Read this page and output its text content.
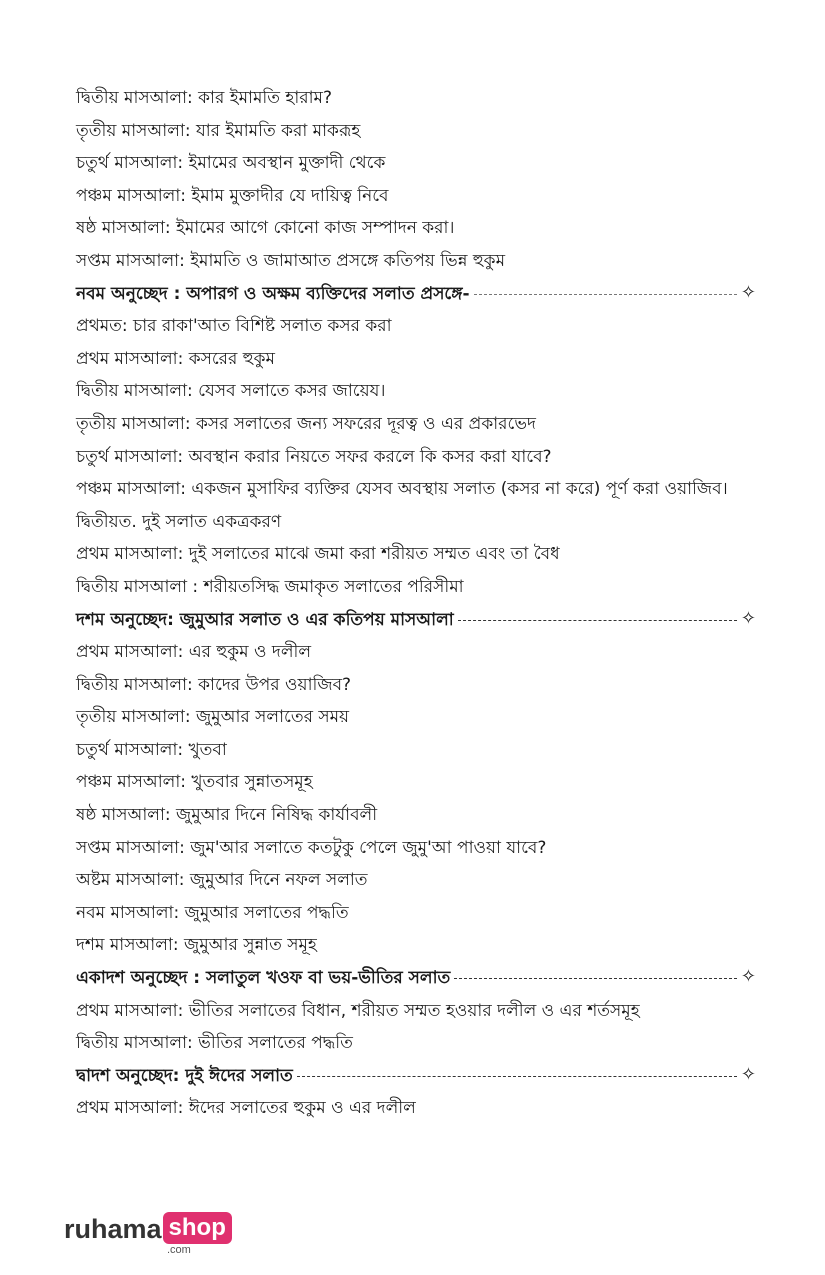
দ্বিতীয় মাসআলা: কার ইমামতি হারাম?
তৃতীয় মাসআলা: যার ইমামতি করা মাকরূহ
চতুর্থ মাসআলা: ইমামের অবস্থান মুক্তাদী থেকে
পঞ্চম মাসআলা: ইমাম মুক্তাদীর যে দায়িত্ব নিবে
ষষ্ঠ মাসআলা: ইমামের আগে কোনো কাজ সম্পাদন করা।
সপ্তম মাসআলা: ইমামতি ও জামাআত প্রসঙ্গে কতিপয় ভিন্ন হুকুম
নবম অনুচ্ছেদ : অপারগ ও অক্ষম ব্যক্তিদের সলাত প্রসঙ্গে-	✧
প্রথমত: চার রাকা'আত বিশিষ্ট সলাত কসর করা
প্রথম মাসআলা: কসরের হুকুম
দ্বিতীয় মাসআলা: যেসব সলাতে কসর জায়েয।
তৃতীয় মাসআলা: কসর সলাতের জন্য সফরের দূরত্ব ও এর প্রকারভেদ
চতুর্থ মাসআলা: অবস্থান করার নিয়তে সফর করলে কি কসর করা যাবে?
পঞ্চম মাসআলা: একজন মুসাফির ব্যক্তির যেসব অবস্থায় সলাত (কসর না করে) পূর্ণ করা ওয়াজিব।
দ্বিতীয়ত. দুই সলাত একত্রকরণ
প্রথম মাসআলা: দুই সলাতের মাঝে জমা করা শরীয়ত সম্মত এবং তা বৈধ
দ্বিতীয় মাসআলা : শরীয়তসিদ্ধ জমাকৃত সলাতের পরিসীমা
দশম অনুচ্ছেদ: জুমুআর সলাত ও এর কতিপয় মাসআলা	✧
প্রথম মাসআলা: এর হুকুম ও দলীল
দ্বিতীয় মাসআলা: কাদের উপর ওয়াজিব?
তৃতীয় মাসআলা: জুমুআর সলাতের সময়
চতুর্থ মাসআলা: খুতবা
পঞ্চম মাসআলা: খুতবার সুন্নাতসমূহ
ষষ্ঠ মাসআলা: জুমুআর দিনে নিষিদ্ধ কার্যাবলী
সপ্তম মাসআলা: জুম'আর সলাতে কতটুকু পেলে জুমু'আ পাওয়া যাবে?
অষ্টম মাসআলা: জুমুআর দিনে নফল সলাত
নবম মাসআলা: জুমুআর সলাতের পদ্ধতি
দশম মাসআলা: জুমুআর সুন্নাত সমূহ
একাদশ অনুচ্ছেদ : সলাতুল খওফ বা ভয়-ভীতির সলাত	✧
প্রথম মাসআলা: ভীতির সলাতের বিধান, শরীয়ত সম্মত হওয়ার দলীল ও এর শর্তসমূহ
দ্বিতীয় মাসআলা: ভীতির সলাতের পদ্ধতি
দ্বাদশ অনুচ্ছেদ: দুই ঈদের সলাত	✧
প্রথম মাসআলা: ঈদের সলাতের হুকুম ও এর দলীল
ruhama shop
.com
